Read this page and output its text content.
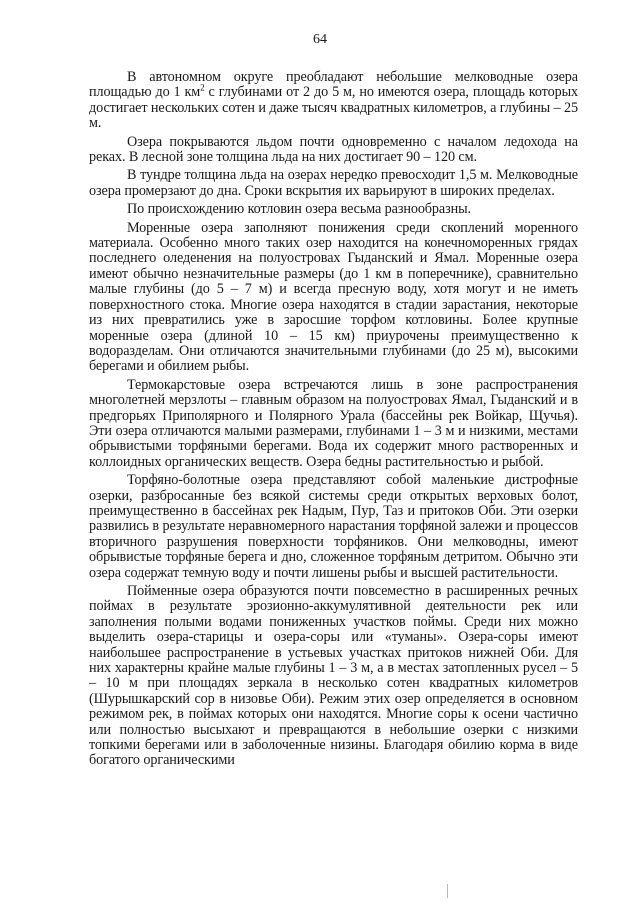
64

В автономном округе преобладают небольшие мелководные озера площадью до 1 $км^2$ с глубинами от 2 до 5 м, но имеются озера, площадь которых достигает нескольких сотен и даже тысяч квадратных километров, а глубины – 25 м.

Озера покрываются льдом почти одновременно с началом ледохода на реках. В лесной зоне толщина льда на них достигает 90 – 120 см.

В тундре толщина льда на озерах нередко превосходит 1,5 м. Мелководные озера промерзают до дна. Сроки вскрытия их варьируют в широких пределах.

По происхождению котловин озера весьма разнообразны.

Моренные озера заполняют понижения среди скоплений моренного материала. Особенно много таких озер находится на конечноморенных грядах последнего оледенения на полуостровах Гыданский и Ямал. Моренные озера имеют обычно незначительные размеры (до 1 км в поперечнике), сравнительно малые глубины (до 5 – 7 м) и всегда пресную воду, хотя могут и не иметь поверхностного стока. Многие озера находятся в стадии зарастания, некоторые из них превратились уже в заросшие торфом котловины. Более крупные моренные озера (длиной 10 – 15 км) приурочены преимущественно к водоразделам. Они отличаются значительными глубинами (до 25 м), высокими берегами и обилием рыбы.

Термокарстовые озера встречаются лишь в зоне распространения многолетней мерзлоты – главным образом на полуостровах Ямал, Гыданский и в предгорьях Приполярного и Полярного Урала (бассейны рек Войкар, Щучья). Эти озера отличаются малыми размерами, глубинами 1 – 3 м и низкими, местами обрывистыми торфяными берегами. Вода их содержит много растворенных и коллоидных органических веществ. Озера бедны растительностью и рыбой.

Торфяно-болотные озера представляют собой маленькие дистрофные озерки, разбросанные без всякой системы среди открытых верховых болот, преимущественно в бассейнах рек Надым, Пур, Таз и притоков Оби. Эти озерки развились в результате неравномерного нарастания торфяной залежи и процессов вторичного разрушения поверхности торфяников. Они мелководны, имеют обрывистые торфяные берега и дно, сложенное торфяным детритом. Обычно эти озера содержат темную воду и почти лишены рыбы и высшей растительности.

Пойменные озера образуются почти повсеместно в расширенных речных поймах в результате эрозионно-аккумулятивной деятельности рек или заполнения полыми водами пониженных участков поймы. Среди них можно выделить озера-старицы и озера-соры или «туманы». Озера-соры имеют наибольшее распространение в устьевых участках притоков нижней Оби. Для них характерны крайне малые глубины 1 – 3 м, а в местах затопленных русел – 5 – 10 м при площадях зеркала в несколько сотен квадратных километров (Шурышкарский сор в низовье Оби). Режим этих озер определяется в основном режимом рек, в поймах которых они находятся. Многие соры к осени частично или полностью высыхают и превращаются в небольшие озерки с низкими топкими берегами или в заболоченные низины. Благодаря обилию корма в виде богатого органическими
